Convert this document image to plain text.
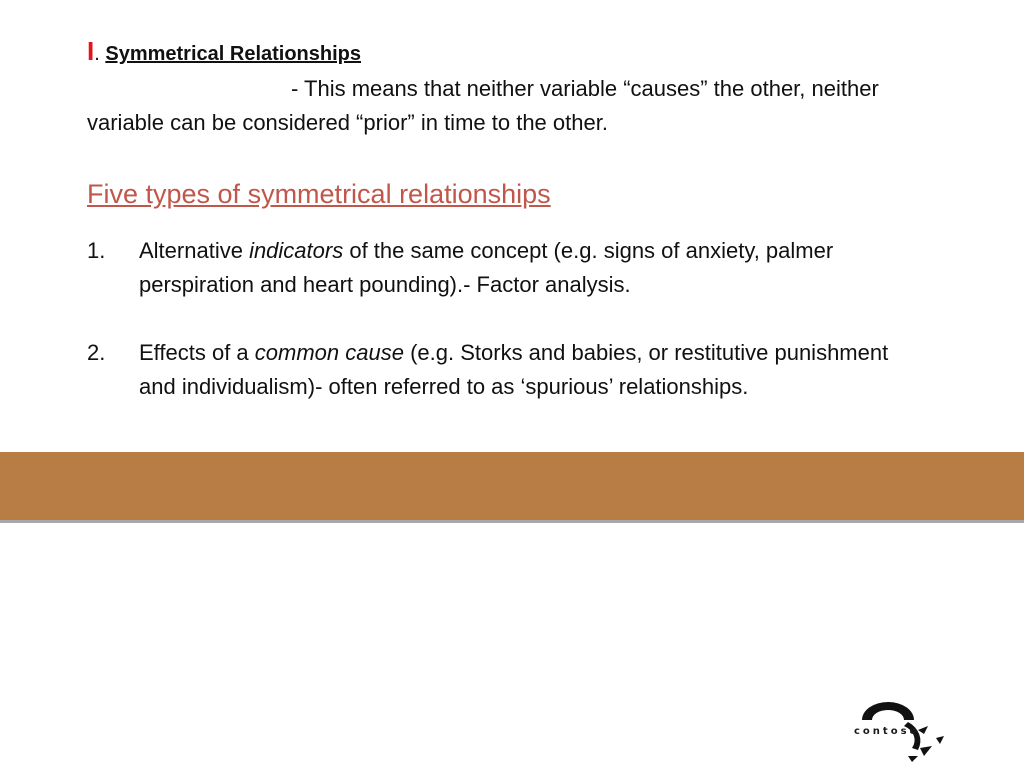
I. Symmetrical Relationships
- This means that neither variable “causes” the other, neither variable can be considered “prior” in time to the other.
Five types of symmetrical relationships
1. Alternative indicators of the same concept (e.g. signs of anxiety, palmer perspiration and heart pounding).- Factor analysis.
2. Effects of a common cause (e.g. Storks and babies, or restitutive punishment and individualism)- often referred to as ‘spurious’ relationships.
contoso
